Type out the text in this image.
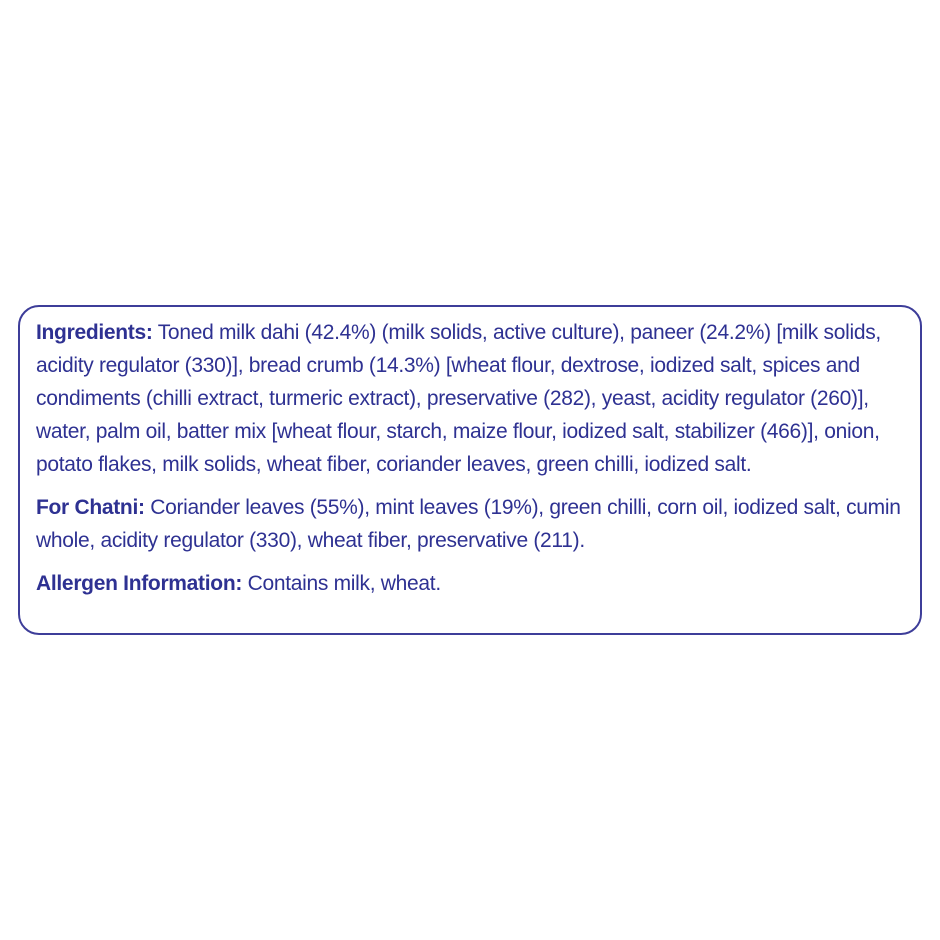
Ingredients: Toned milk dahi (42.4%) (milk solids, active culture), paneer (24.2%) [milk solids, acidity regulator (330)], bread crumb (14.3%) [wheat flour, dextrose, iodized salt, spices and condiments (chilli extract, turmeric extract), preservative (282), yeast, acidity regulator (260)], water, palm oil, batter mix [wheat flour, starch, maize flour, iodized salt, stabilizer (466)], onion, potato flakes, milk solids, wheat fiber, coriander leaves, green chilli, iodized salt.

For Chatni: Coriander leaves (55%), mint leaves (19%), green chilli, corn oil, iodized salt, cumin whole, acidity regulator (330), wheat fiber, preservative (211).

Allergen Information: Contains milk, wheat.
